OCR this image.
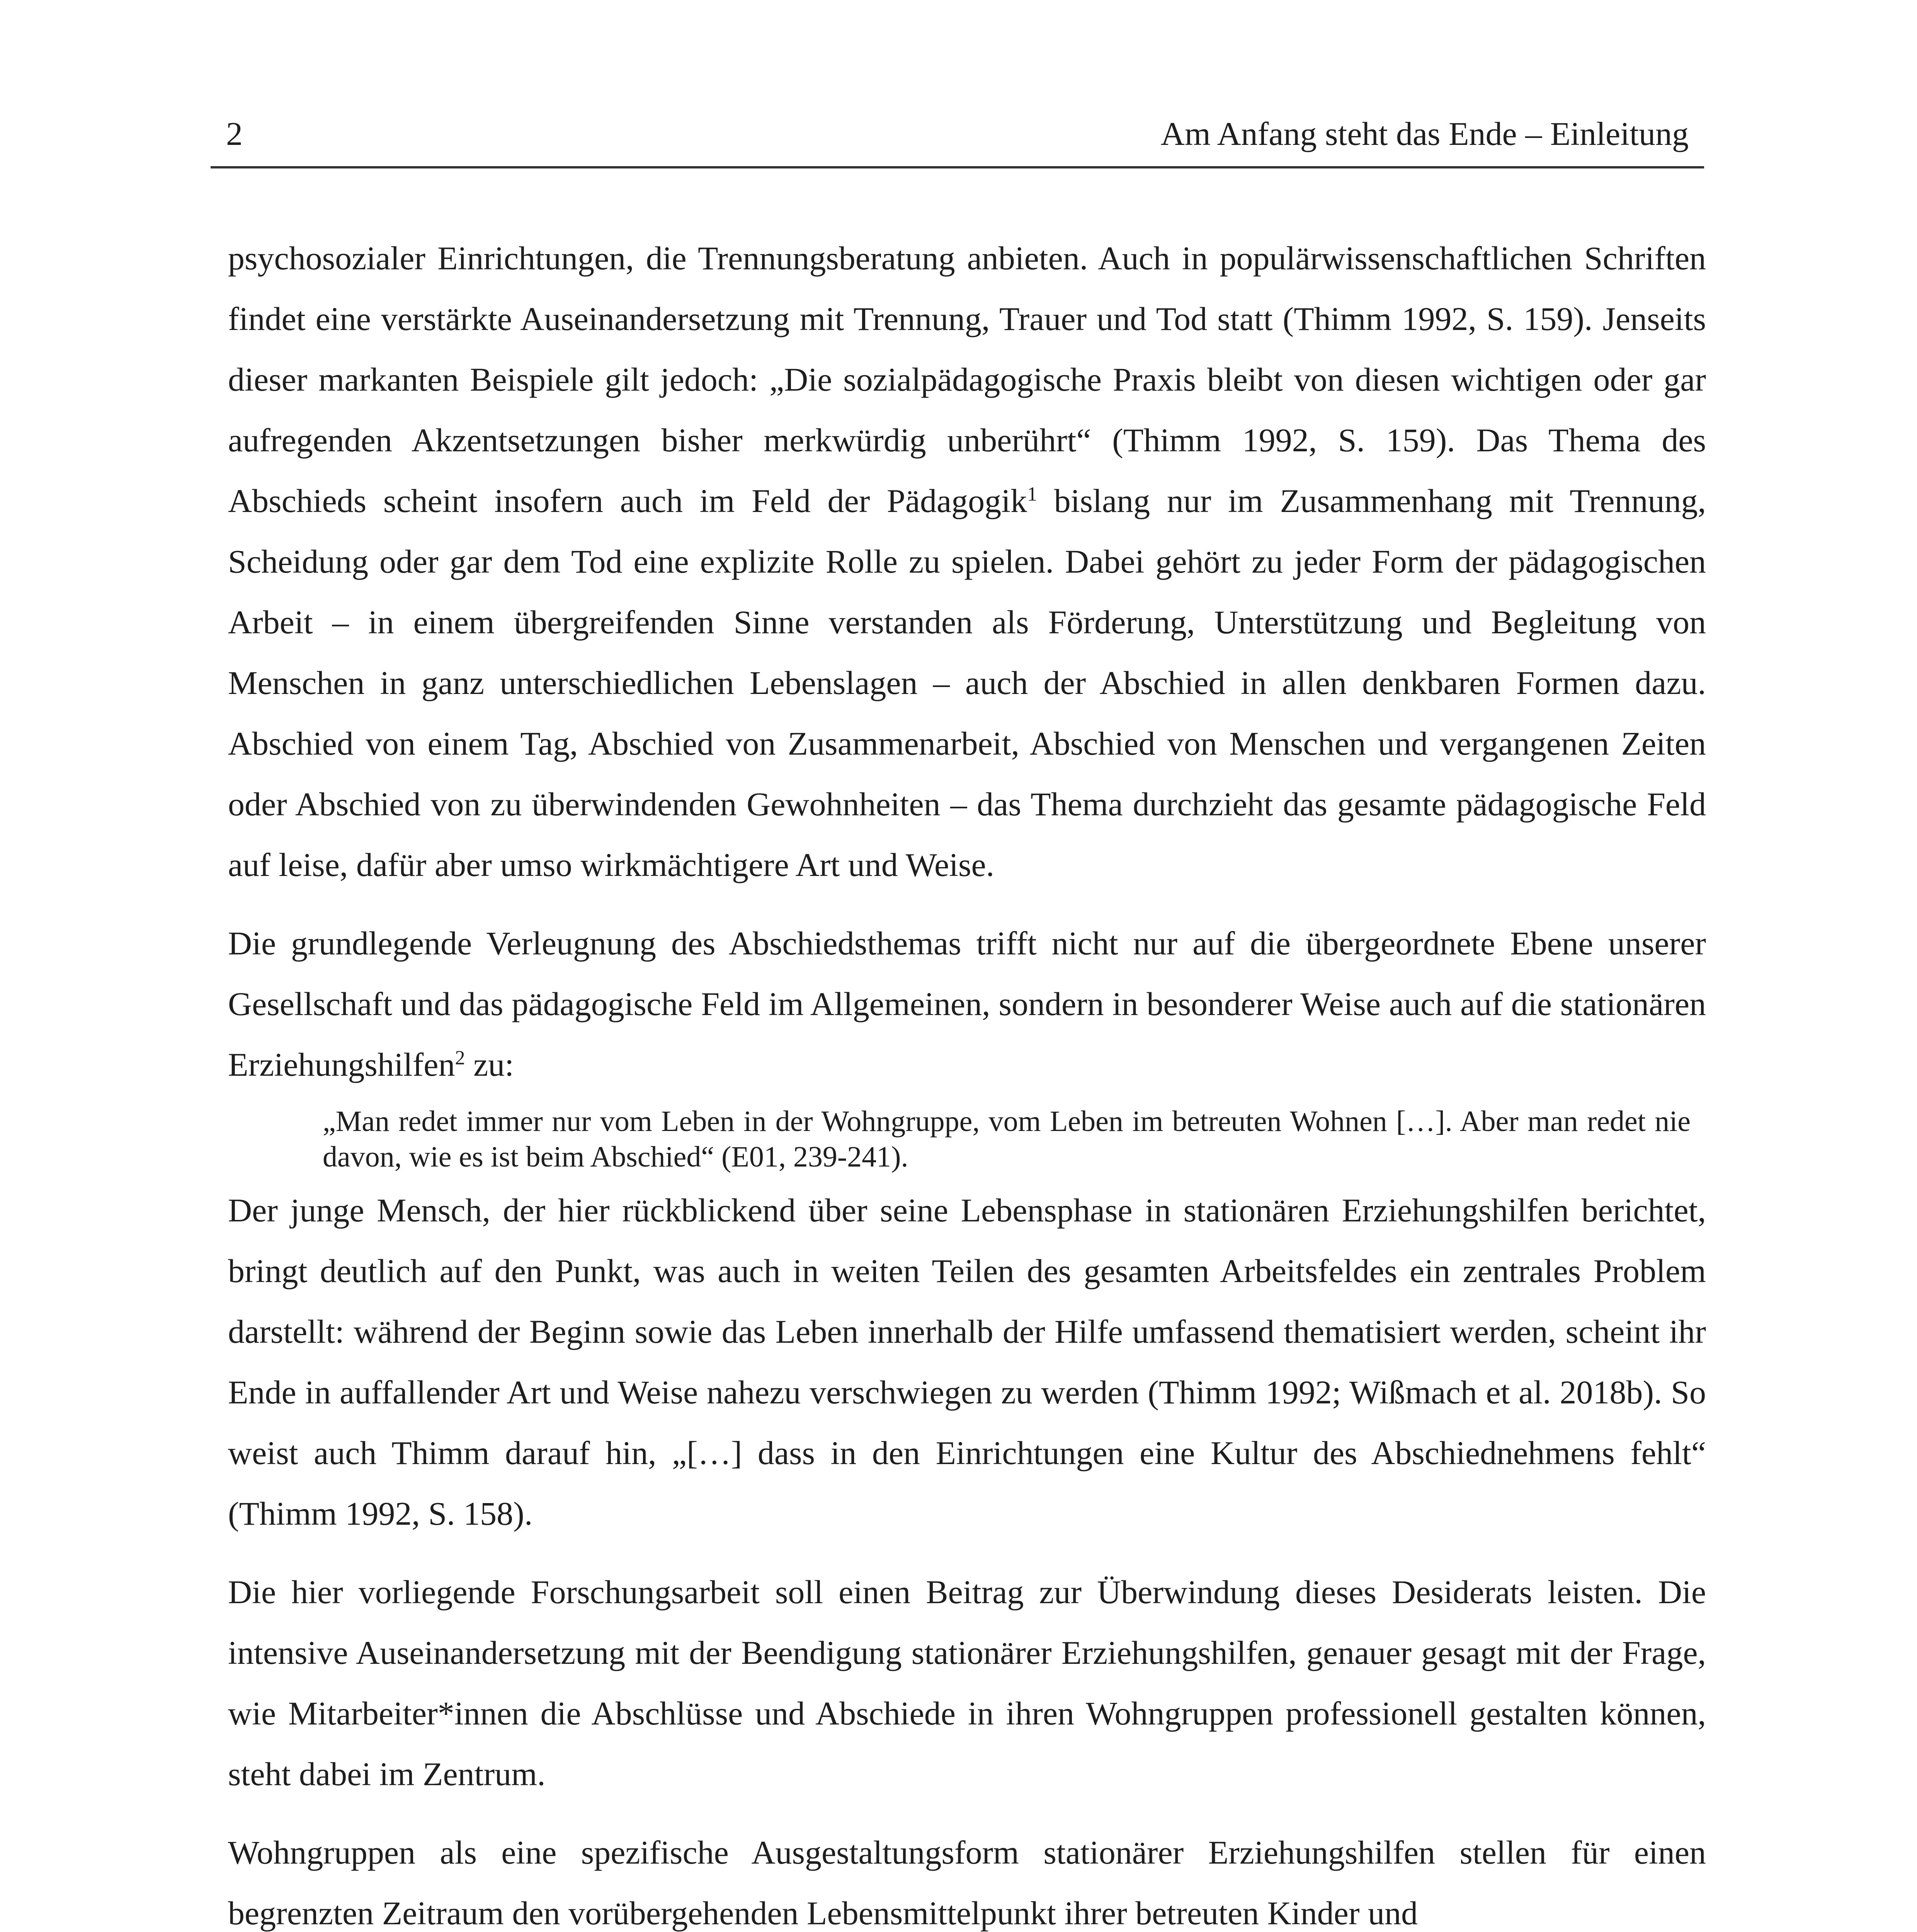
2	Am Anfang steht das Ende – Einleitung

psychosozialer Einrichtungen, die Trennungsberatung anbieten. Auch in populärwissenschaftlichen Schriften findet eine verstärkte Auseinandersetzung mit Trennung, Trauer und Tod statt (Thimm 1992, S. 159). Jenseits dieser markanten Beispiele gilt jedoch: „Die sozialpädagogische Praxis bleibt von diesen wichtigen oder gar aufregenden Akzentsetzungen bisher merkwürdig unberührt“ (Thimm 1992, S. 159). Das Thema des Abschieds scheint insofern auch im Feld der Pädagogik$^1$ bislang nur im Zusammenhang mit Trennung, Scheidung oder gar dem Tod eine explizite Rolle zu spielen. Dabei gehört zu jeder Form der pädagogischen Arbeit – in einem übergreifenden Sinne verstanden als Förderung, Unterstützung und Begleitung von Menschen in ganz unterschiedlichen Lebenslagen – auch der Abschied in allen denkbaren Formen dazu. Abschied von einem Tag, Abschied von Zusammenarbeit, Abschied von Menschen und vergangenen Zeiten oder Abschied von zu überwindenden Gewohnheiten – das Thema durchzieht das gesamte pädagogische Feld auf leise, dafür aber umso wirkmächtigere Art und Weise.

Die grundlegende Verleugnung des Abschiedsthemas trifft nicht nur auf die übergeordnete Ebene unserer Gesellschaft und das pädagogische Feld im Allgemeinen, sondern in besonderer Weise auch auf die stationären Erziehungshilfen$^2$ zu:

„Man redet immer nur vom Leben in der Wohngruppe, vom Leben im betreuten Wohnen […]. Aber man redet nie davon, wie es ist beim Abschied“ (E01, 239-241).

Der junge Mensch, der hier rückblickend über seine Lebensphase in stationären Erziehungshilfen berichtet, bringt deutlich auf den Punkt, was auch in weiten Teilen des gesamten Arbeitsfeldes ein zentrales Problem darstellt: während der Beginn sowie das Leben innerhalb der Hilfe umfassend thematisiert werden, scheint ihr Ende in auffallender Art und Weise nahezu verschwiegen zu werden (Thimm 1992; Wißmach et al. 2018b). So weist auch Thimm darauf hin, „[…] dass in den Einrichtungen eine Kultur des Abschiednehmens fehlt“ (Thimm 1992, S. 158).

Die hier vorliegende Forschungsarbeit soll einen Beitrag zur Überwindung dieses Desiderats leisten. Die intensive Auseinandersetzung mit der Beendigung stationärer Erziehungshilfen, genauer gesagt mit der Frage, wie Mitarbeiter*innen die Abschlüsse und Abschiede in ihren Wohngruppen professionell gestalten können, steht dabei im Zentrum.

Wohngruppen als eine spezifische Ausgestaltungsform stationärer Erziehungshilfen stellen für einen begrenzten Zeitraum den vorübergehenden Lebensmittelpunkt ihrer betreuten Kinder und
